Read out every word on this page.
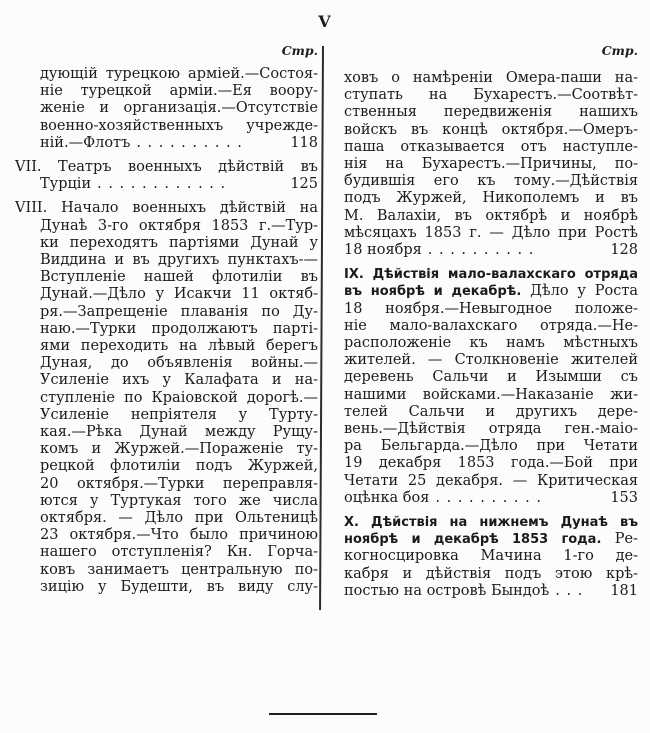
V
Стр.	Стр.
дующій турецкою арміей.—Состоя-
ніе турецкой арміи.—Ея воору-
женіе и организація.—Отсутствіе
военно-хозяйственныхъ учрежде-
ній.—Флотъ . . . . . . . . . .	118
VII. Театръ военныхъ дѣйствій въ
Турціи . . . . . . . . . . . .	125
VIII. Начало военныхъ дѣйствій на
Дунаѣ 3-го октября 1853 г.—Тур-
ки переходятъ партіями Дунай у
Виддина и въ другихъ пунктахъ-—
Вступленіе нашей флотиліи въ
Дунай.—Дѣло у Исакчи 11 октяб-
ря.—Запрещеніе плаванія по Ду-
наю.—Турки продолжаютъ парті-
ями переходить на лѣвый берегъ
Дуная, до объявленія войны.—
Усиленіе ихъ у Калафата и на-
ступленіе по Краіовской дорогѣ.—
Усиленіе непріятеля у Турту-
кая.—Рѣка Дунай между Рущу-
комъ и Журжей.—Пораженіе ту-
рецкой флотиліи подъ Журжей,
20 октября.—Турки переправля-
ются у Туртукая того же числа
октября. — Дѣло при Ольтеницѣ
23 октября.—Что было причиною
нашего отступленія? Кн. Горча-
ковъ занимаетъ центральную по-
зицію у Будешти, въ виду слу-
ховъ о намѣреніи Омера-паши на-
ступать на Бухарестъ.—Соотвѣт-
ственныя передвиженія нашихъ
войскъ въ концѣ октября.—Омеръ-
паша отказывается отъ наступле-
нія на Бухарестъ.—Причины, по-
будившія его къ тому.—Дѣйствія
подъ Журжей, Никополемъ и въ
М. Валахіи, въ октябрѣ и ноябрѣ
мѣсяцахъ 1853 г. — Дѣло при Ростѣ
18 ноября . . . . . . . . . .	128
IX. Дѣйствія мало-валахскаго отряда
въ ноябрѣ и декабрѣ. Дѣло у Роста
18 ноября.—Невыгодное положе-
ніе мало-валахскаго отряда.—Не-
расположеніе къ намъ мѣстныхъ
жителей. — Столкновеніе жителей
деревень Сальчи и Изымши съ
нашими войсками.—Наказаніе жи-
телей Сальчи и другихъ дере-
вень.—Дѣйствія отряда ген.-маіо-
ра Бельгарда.—Дѣло при Четати
19 декабря 1853 года.—Бой при
Четати 25 декабря. — Критическая
оцѣнка боя . . . . . . . . . .	153
X. Дѣйствія на нижнемъ Дунаѣ въ
ноябрѣ и декабрѣ 1853 года. Ре-
когносцировка Мачина 1-го де-
кабря и дѣйствія подъ этою крѣ-
постью на островѣ Бындоѣ . . .	181
